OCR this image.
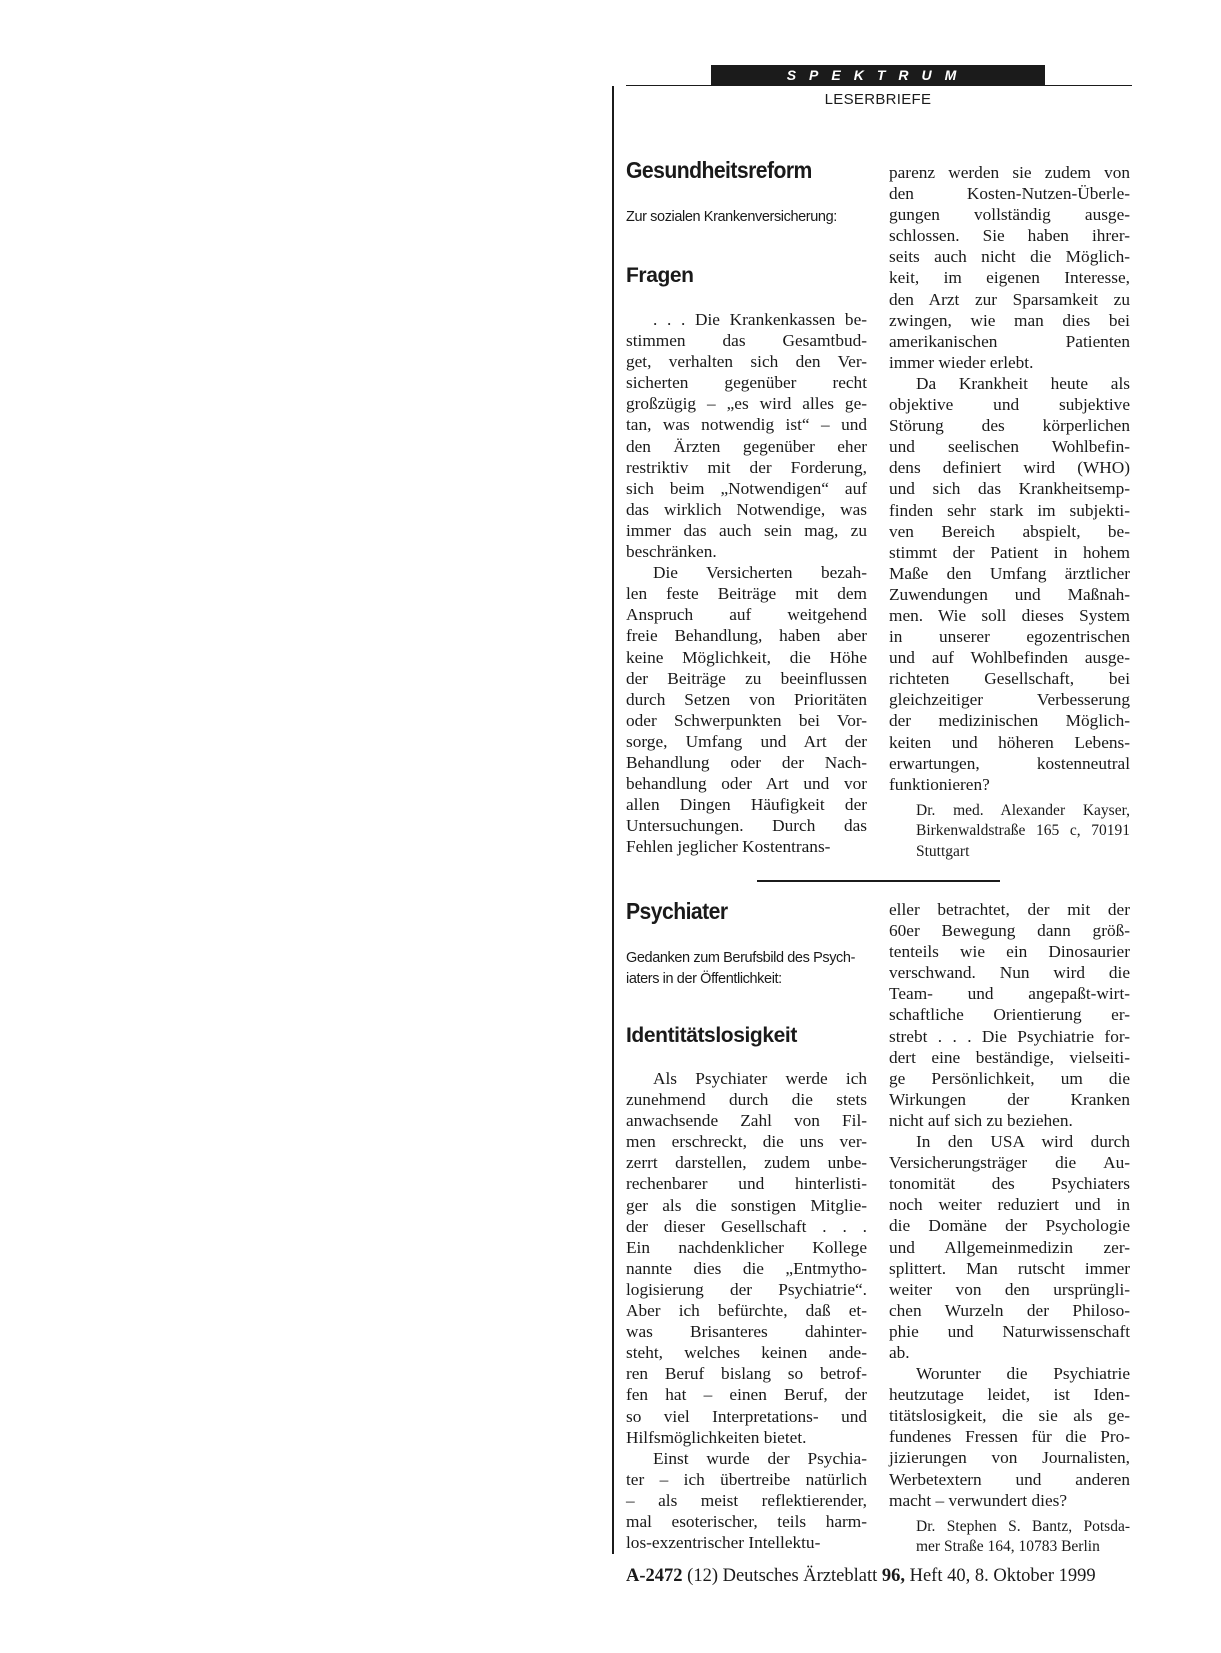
SPEKTRUM
LESERBRIEFE
Gesundheitsreform
Zur sozialen Krankenversicherung:
Fragen
. . . Die Krankenkassen be-
stimmen das Gesamtbud-
get, verhalten sich den Ver-
sicherten gegenüber recht
großzügig – „es wird alles ge-
tan, was notwendig ist“ – und
den Ärzten gegenüber eher
restriktiv mit der Forderung,
sich beim „Notwendigen“ auf
das wirklich Notwendige, was
immer das auch sein mag, zu
beschränken.
Die Versicherten bezah-
len feste Beiträge mit dem
Anspruch auf weitgehend
freie Behandlung, haben aber
keine Möglichkeit, die Höhe
der Beiträge zu beeinflussen
durch Setzen von Prioritäten
oder Schwerpunkten bei Vor-
sorge, Umfang und Art der
Behandlung oder der Nach-
behandlung oder Art und vor
allen Dingen Häufigkeit der
Untersuchungen. Durch das
Fehlen jeglicher Kostentrans-
parenz werden sie zudem von
den Kosten-Nutzen-Überle-
gungen vollständig ausge-
schlossen. Sie haben ihrer-
seits auch nicht die Möglich-
keit, im eigenen Interesse,
den Arzt zur Sparsamkeit zu
zwingen, wie man dies bei
amerikanischen Patienten
immer wieder erlebt.
Da Krankheit heute als
objektive und subjektive
Störung des körperlichen
und seelischen Wohlbefin-
dens definiert wird (WHO)
und sich das Krankheitsemp-
finden sehr stark im subjekti-
ven Bereich abspielt, be-
stimmt der Patient in hohem
Maße den Umfang ärztlicher
Zuwendungen und Maßnah-
men. Wie soll dieses System
in unserer egozentrischen
und auf Wohlbefinden ausge-
richteten Gesellschaft, bei
gleichzeitiger Verbesserung
der medizinischen Möglich-
keiten und höheren Lebens-
erwartungen, kostenneutral
funktionieren?
Dr. med. Alexander Kayser,
Birkenwaldstraße 165 c, 70191
Stuttgart
Psychiater
Gedanken zum Berufsbild des Psych-
iaters in der Öffentlichkeit:
Identitätslosigkeit
Als Psychiater werde ich
zunehmend durch die stets
anwachsende Zahl von Fil-
men erschreckt, die uns ver-
zerrt darstellen, zudem unbe-
rechenbarer und hinterlisti-
ger als die sonstigen Mitglie-
der dieser Gesellschaft . . .
Ein nachdenklicher Kollege
nannte dies die „Entmytho-
logisierung der Psychiatrie“.
Aber ich befürchte, daß et-
was Brisanteres dahinter-
steht, welches keinen ande-
ren Beruf bislang so betrof-
fen hat – einen Beruf, der
so viel Interpretations- und
Hilfsmöglichkeiten bietet.
Einst wurde der Psychia-
ter – ich übertreibe natürlich
– als meist reflektierender,
mal esoterischer, teils harm-
los-exzentrischer Intellektu-
eller betrachtet, der mit der
60er Bewegung dann größ-
tenteils wie ein Dinosaurier
verschwand. Nun wird die
Team- und angepaßt-wirt-
schaftliche Orientierung er-
strebt . . . Die Psychiatrie for-
dert eine beständige, vielseiti-
ge Persönlichkeit, um die
Wirkungen der Kranken
nicht auf sich zu beziehen.
In den USA wird durch
Versicherungsträger die Au-
tonomität des Psychiaters
noch weiter reduziert und in
die Domäne der Psychologie
und Allgemeinmedizin zer-
splittert. Man rutscht immer
weiter von den ursprüngli-
chen Wurzeln der Philoso-
phie und Naturwissenschaft
ab.
Worunter die Psychiatrie
heutzutage leidet, ist Iden-
titätslosigkeit, die sie als ge-
fundenes Fressen für die Pro-
jizierungen von Journalisten,
Werbetextern und anderen
macht – verwundert dies?
Dr. Stephen S. Bantz, Potsda-
mer Straße 164, 10783 Berlin
A-2472 (12) Deutsches Ärzteblatt 96, Heft 40, 8. Oktober 1999
